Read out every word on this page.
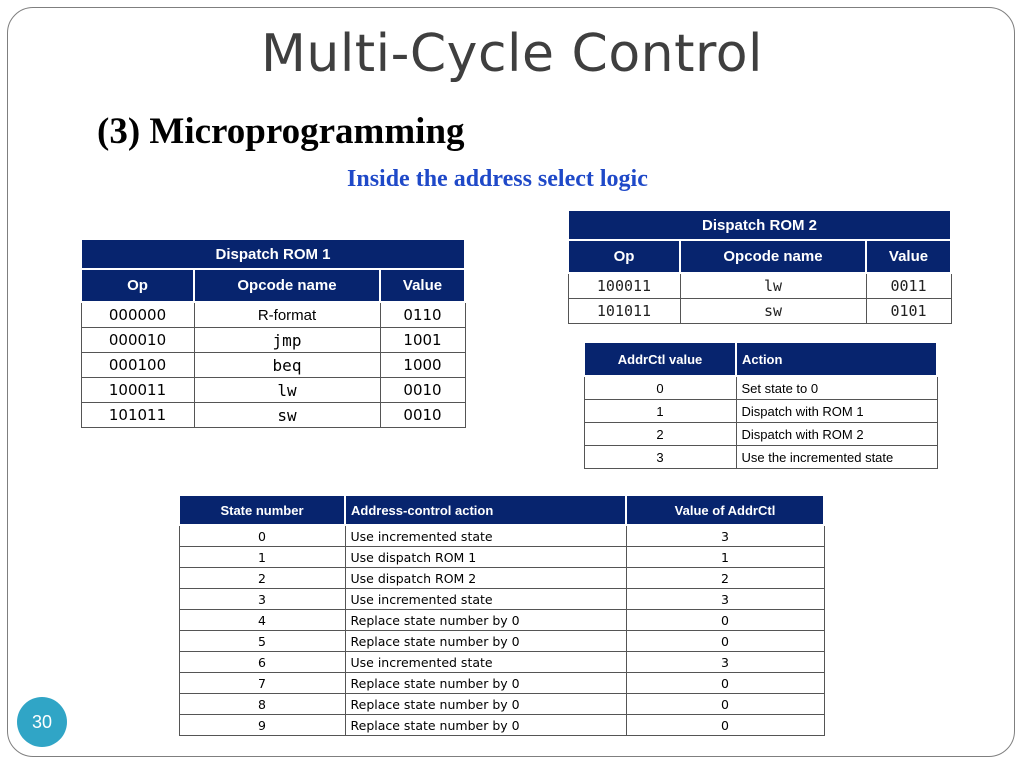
Multi-Cycle Control
(3) Microprogramming

Inside the address select logic

Dispatch ROM 1		
Op	Opcode name	Value
000000	R-format	0110
000010	jmp	1001
000100	beq	1000
100011	lw	0010
101011	sw	0010
Dispatch ROM 2		
Op	Opcode name	Value
100011	lw	0011
101011	sw	0101
AddrCtl value	Action
0	Set state to 0
1	Dispatch with ROM 1
2	Dispatch with ROM 2
3	Use the incremented state
State number	Address-control action	Value of AddrCtl
0	Use incremented state	3
1	Use dispatch ROM 1	1
2	Use dispatch ROM 2	2
3	Use incremented state	3
4	Replace state number by 0	0
5	Replace state number by 0	0
6	Use incremented state	3
7	Replace state number by 0	0
8	Replace state number by 0	0
9	Replace state number by 0	0
30
